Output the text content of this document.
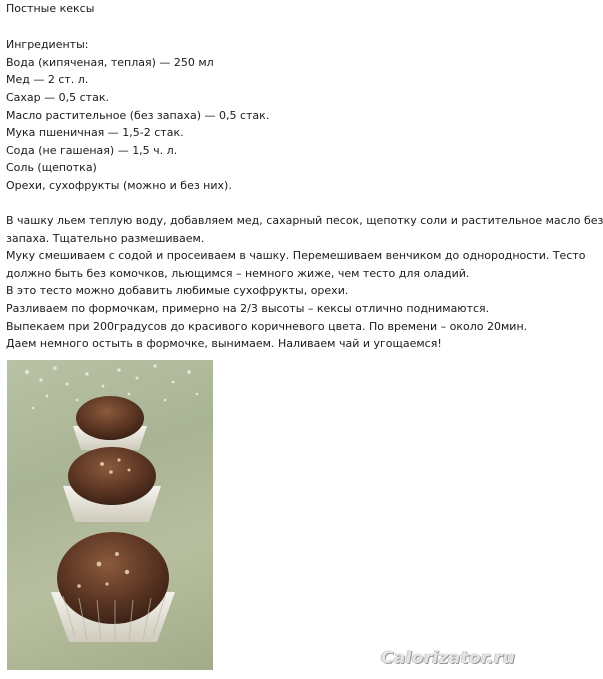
Постные кексы
Ингредиенты:
Вода (кипяченая, теплая) — 250 мл
Мед — 2 ст. л.
Сахар — 0,5 стак.
Масло растительное (без запаха) — 0,5 стак.
Мука пшеничная — 1,5-2 стак.
Сода (не гашеная) — 1,5 ч. л.
Соль (щепотка)
Орехи, сухофрукты (можно и без них).
В чашку льем теплую воду, добавляем мед, сахарный песок, щепотку соли и растительное масло без
запаха. Тщательно размешиваем.
Муку смешиваем с содой и просеиваем в чашку. Перемешиваем венчиком до однородности. Тесто
должно быть без комочков, льющимся – немного жиже, чем тесто для оладий.
В это тесто можно добавить любимые сухофрукты, орехи.
Разливаем по формочкам, примерно на 2/3 высоты – кексы отлично поднимаются.
Выпекаем при 200градусов до красивого коричневого цвета. По времени – около 20мин.
Даем немного остыть в формочке, вынимаем. Наливаем чай и угощаемся!
Calorizator.ru
